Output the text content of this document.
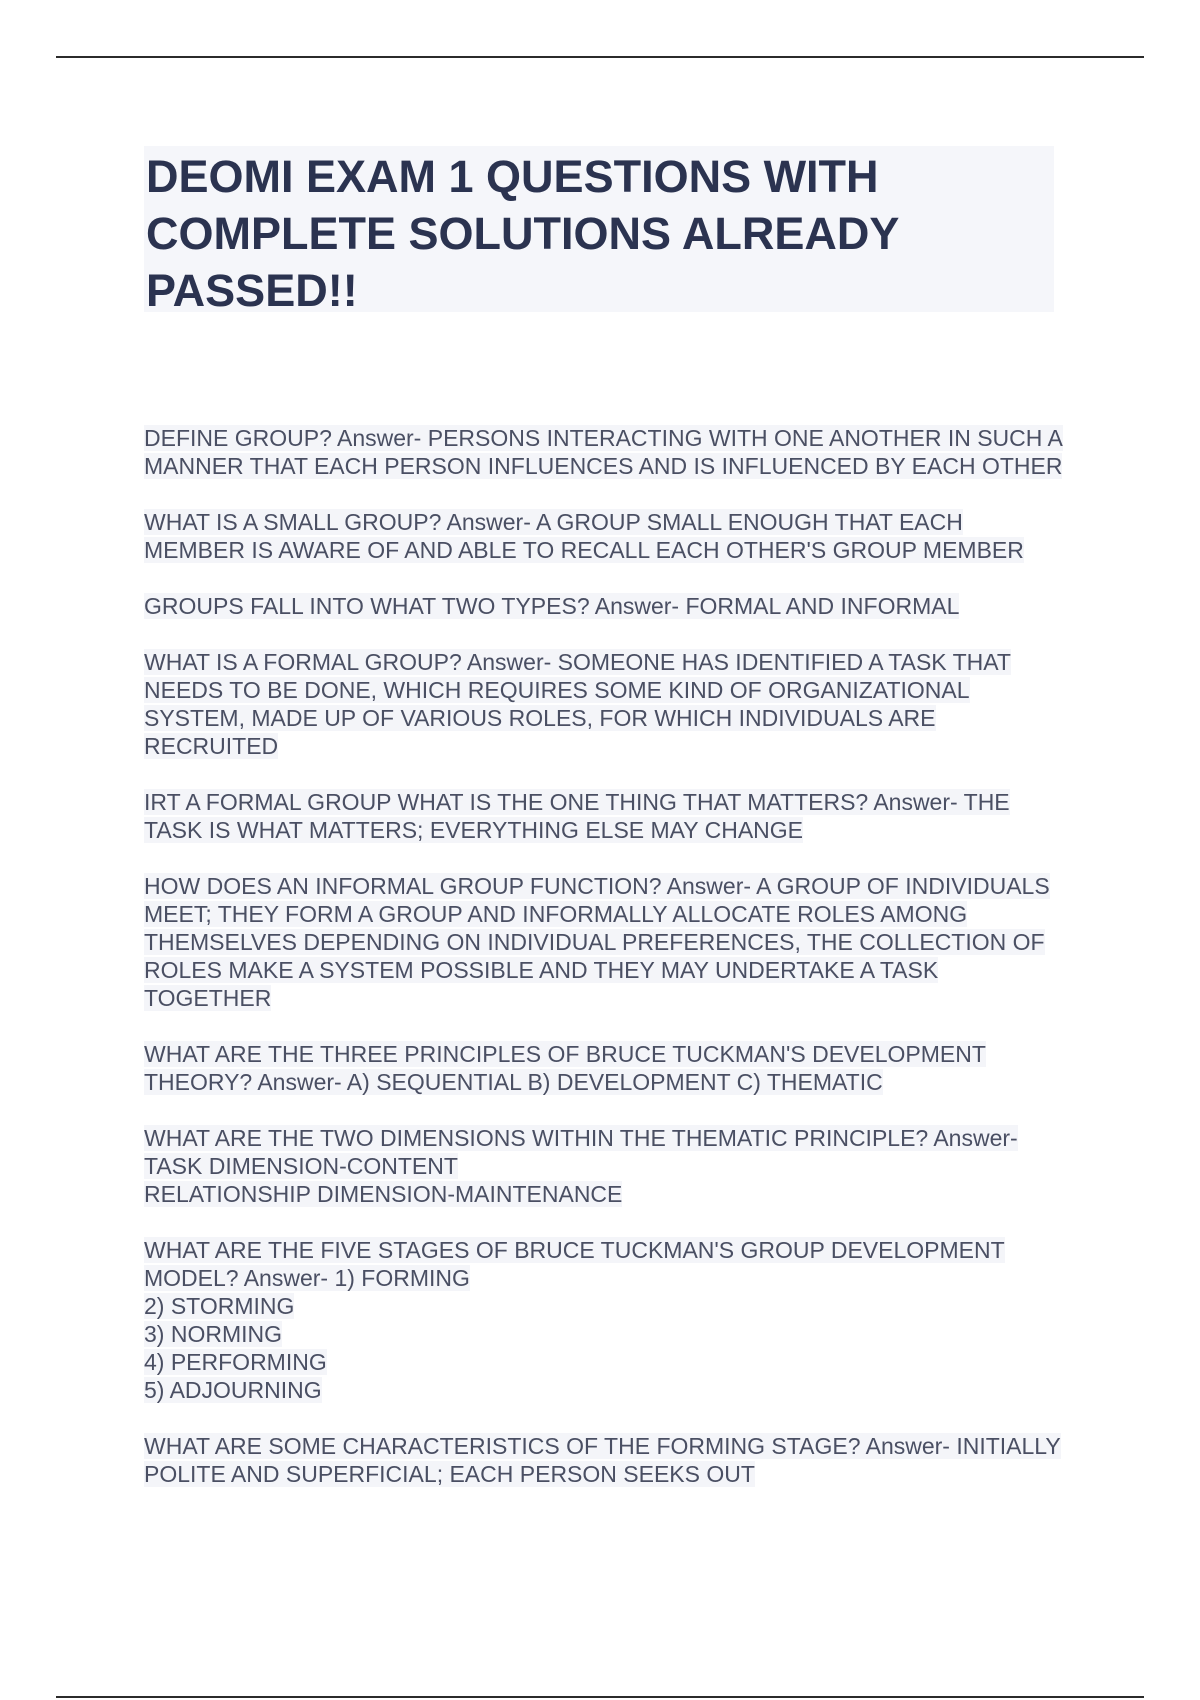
DEOMI EXAM 1 QUESTIONS WITH COMPLETE SOLUTIONS ALREADY PASSED!!

DEFINE GROUP? Answer- PERSONS INTERACTING WITH ONE ANOTHER IN SUCH A MANNER THAT EACH PERSON INFLUENCES AND IS INFLUENCED BY EACH OTHER

WHAT IS A SMALL GROUP? Answer- A GROUP SMALL ENOUGH THAT EACH MEMBER IS AWARE OF AND ABLE TO RECALL EACH OTHER'S GROUP MEMBER

GROUPS FALL INTO WHAT TWO TYPES? Answer- FORMAL AND INFORMAL

WHAT IS A FORMAL GROUP? Answer- SOMEONE HAS IDENTIFIED A TASK THAT NEEDS TO BE DONE, WHICH REQUIRES SOME KIND OF ORGANIZATIONAL SYSTEM, MADE UP OF VARIOUS ROLES, FOR WHICH INDIVIDUALS ARE RECRUITED

IRT A FORMAL GROUP WHAT IS THE ONE THING THAT MATTERS? Answer- THE TASK IS WHAT MATTERS; EVERYTHING ELSE MAY CHANGE

HOW DOES AN INFORMAL GROUP FUNCTION? Answer- A GROUP OF INDIVIDUALS MEET; THEY FORM A GROUP AND INFORMALLY ALLOCATE ROLES AMONG THEMSELVES DEPENDING ON INDIVIDUAL PREFERENCES, THE COLLECTION OF ROLES MAKE A SYSTEM POSSIBLE AND THEY MAY UNDERTAKE A TASK TOGETHER

WHAT ARE THE THREE PRINCIPLES OF BRUCE TUCKMAN'S DEVELOPMENT THEORY? Answer- A) SEQUENTIAL B) DEVELOPMENT C) THEMATIC

WHAT ARE THE TWO DIMENSIONS WITHIN THE THEMATIC PRINCIPLE? Answer- TASK DIMENSION-CONTENT
RELATIONSHIP DIMENSION-MAINTENANCE

WHAT ARE THE FIVE STAGES OF BRUCE TUCKMAN'S GROUP DEVELOPMENT MODEL? Answer- 1) FORMING
2) STORMING
3) NORMING
4) PERFORMING
5) ADJOURNING

WHAT ARE SOME CHARACTERISTICS OF THE FORMING STAGE? Answer- INITIALLY POLITE AND SUPERFICIAL; EACH PERSON SEEKS OUT
